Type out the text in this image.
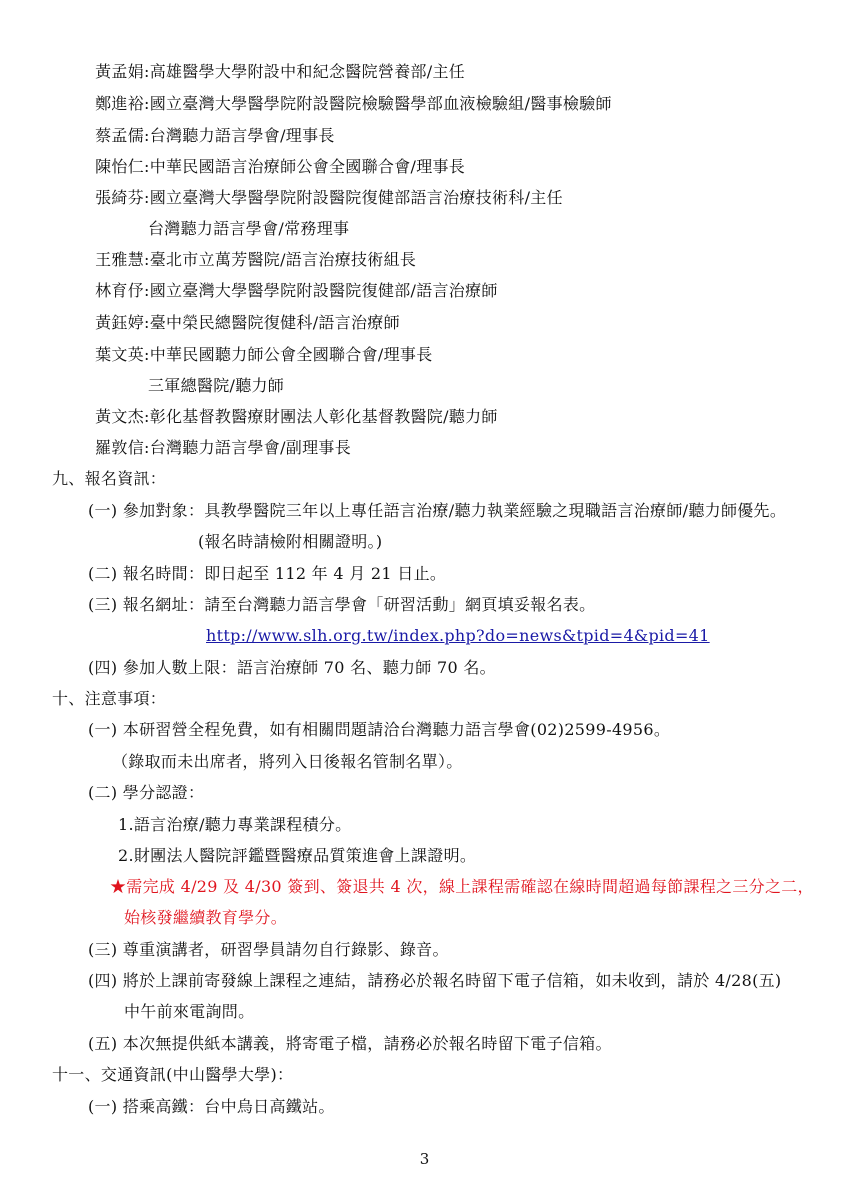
黃孟娟:高雄醫學大學附設中和紀念醫院營養部/主任
鄭進裕:國立臺灣大學醫學院附設醫院檢驗醫學部血液檢驗組/醫事檢驗師
蔡孟儒:台灣聽力語言學會/理事長
陳怡仁:中華民國語言治療師公會全國聯合會/理事長
張綺芬:國立臺灣大學醫學院附設醫院復健部語言治療技術科/主任
台灣聽力語言學會/常務理事
王雅慧:臺北市立萬芳醫院/語言治療技術組長
林育伃:國立臺灣大學醫學院附設醫院復健部/語言治療師
黃鈺婷:臺中榮民總醫院復健科/語言治療師
葉文英:中華民國聽力師公會全國聯合會/理事長
三軍總醫院/聽力師
黃文杰:彰化基督教醫療財團法人彰化基督教醫院/聽力師
羅敦信:台灣聽力語言學會/副理事長
九、報名資訊：
(一) 參加對象：具教學醫院三年以上專任語言治療/聽力執業經驗之現職語言治療師/聽力師優先。
(報名時請檢附相關證明。)
(二) 報名時間：即日起至 112 年 4 月 21 日止。
(三) 報名網址：請至台灣聽力語言學會「研習活動」網頁填妥報名表。
http://www.slh.org.tw/index.php?do=news&tpid=4&pid=41
(四) 參加人數上限：語言治療師 70 名、聽力師 70 名。
十、注意事項：
(一) 本研習營全程免費，如有相關問題請洽台灣聽力語言學會(02)2599-4956。
（錄取而未出席者，將列入日後報名管制名單）。
(二) 學分認證：
1.語言治療/聽力專業課程積分。
2.財團法人醫院評鑑暨醫療品質策進會上課證明。
★需完成 4/29 及 4/30 簽到、簽退共 4 次，線上課程需確認在線時間超過每節課程之三分之二，
始核發繼續教育學分。
(三) 尊重演講者，研習學員請勿自行錄影、錄音。
(四) 將於上課前寄發線上課程之連結，請務必於報名時留下電子信箱，如未收到，請於 4/28(五)
中午前來電詢問。
(五) 本次無提供紙本講義，將寄電子檔，請務必於報名時留下電子信箱。
十一、交通資訊(中山醫學大學)：
(一) 搭乘高鐵：台中烏日高鐵站。
3
